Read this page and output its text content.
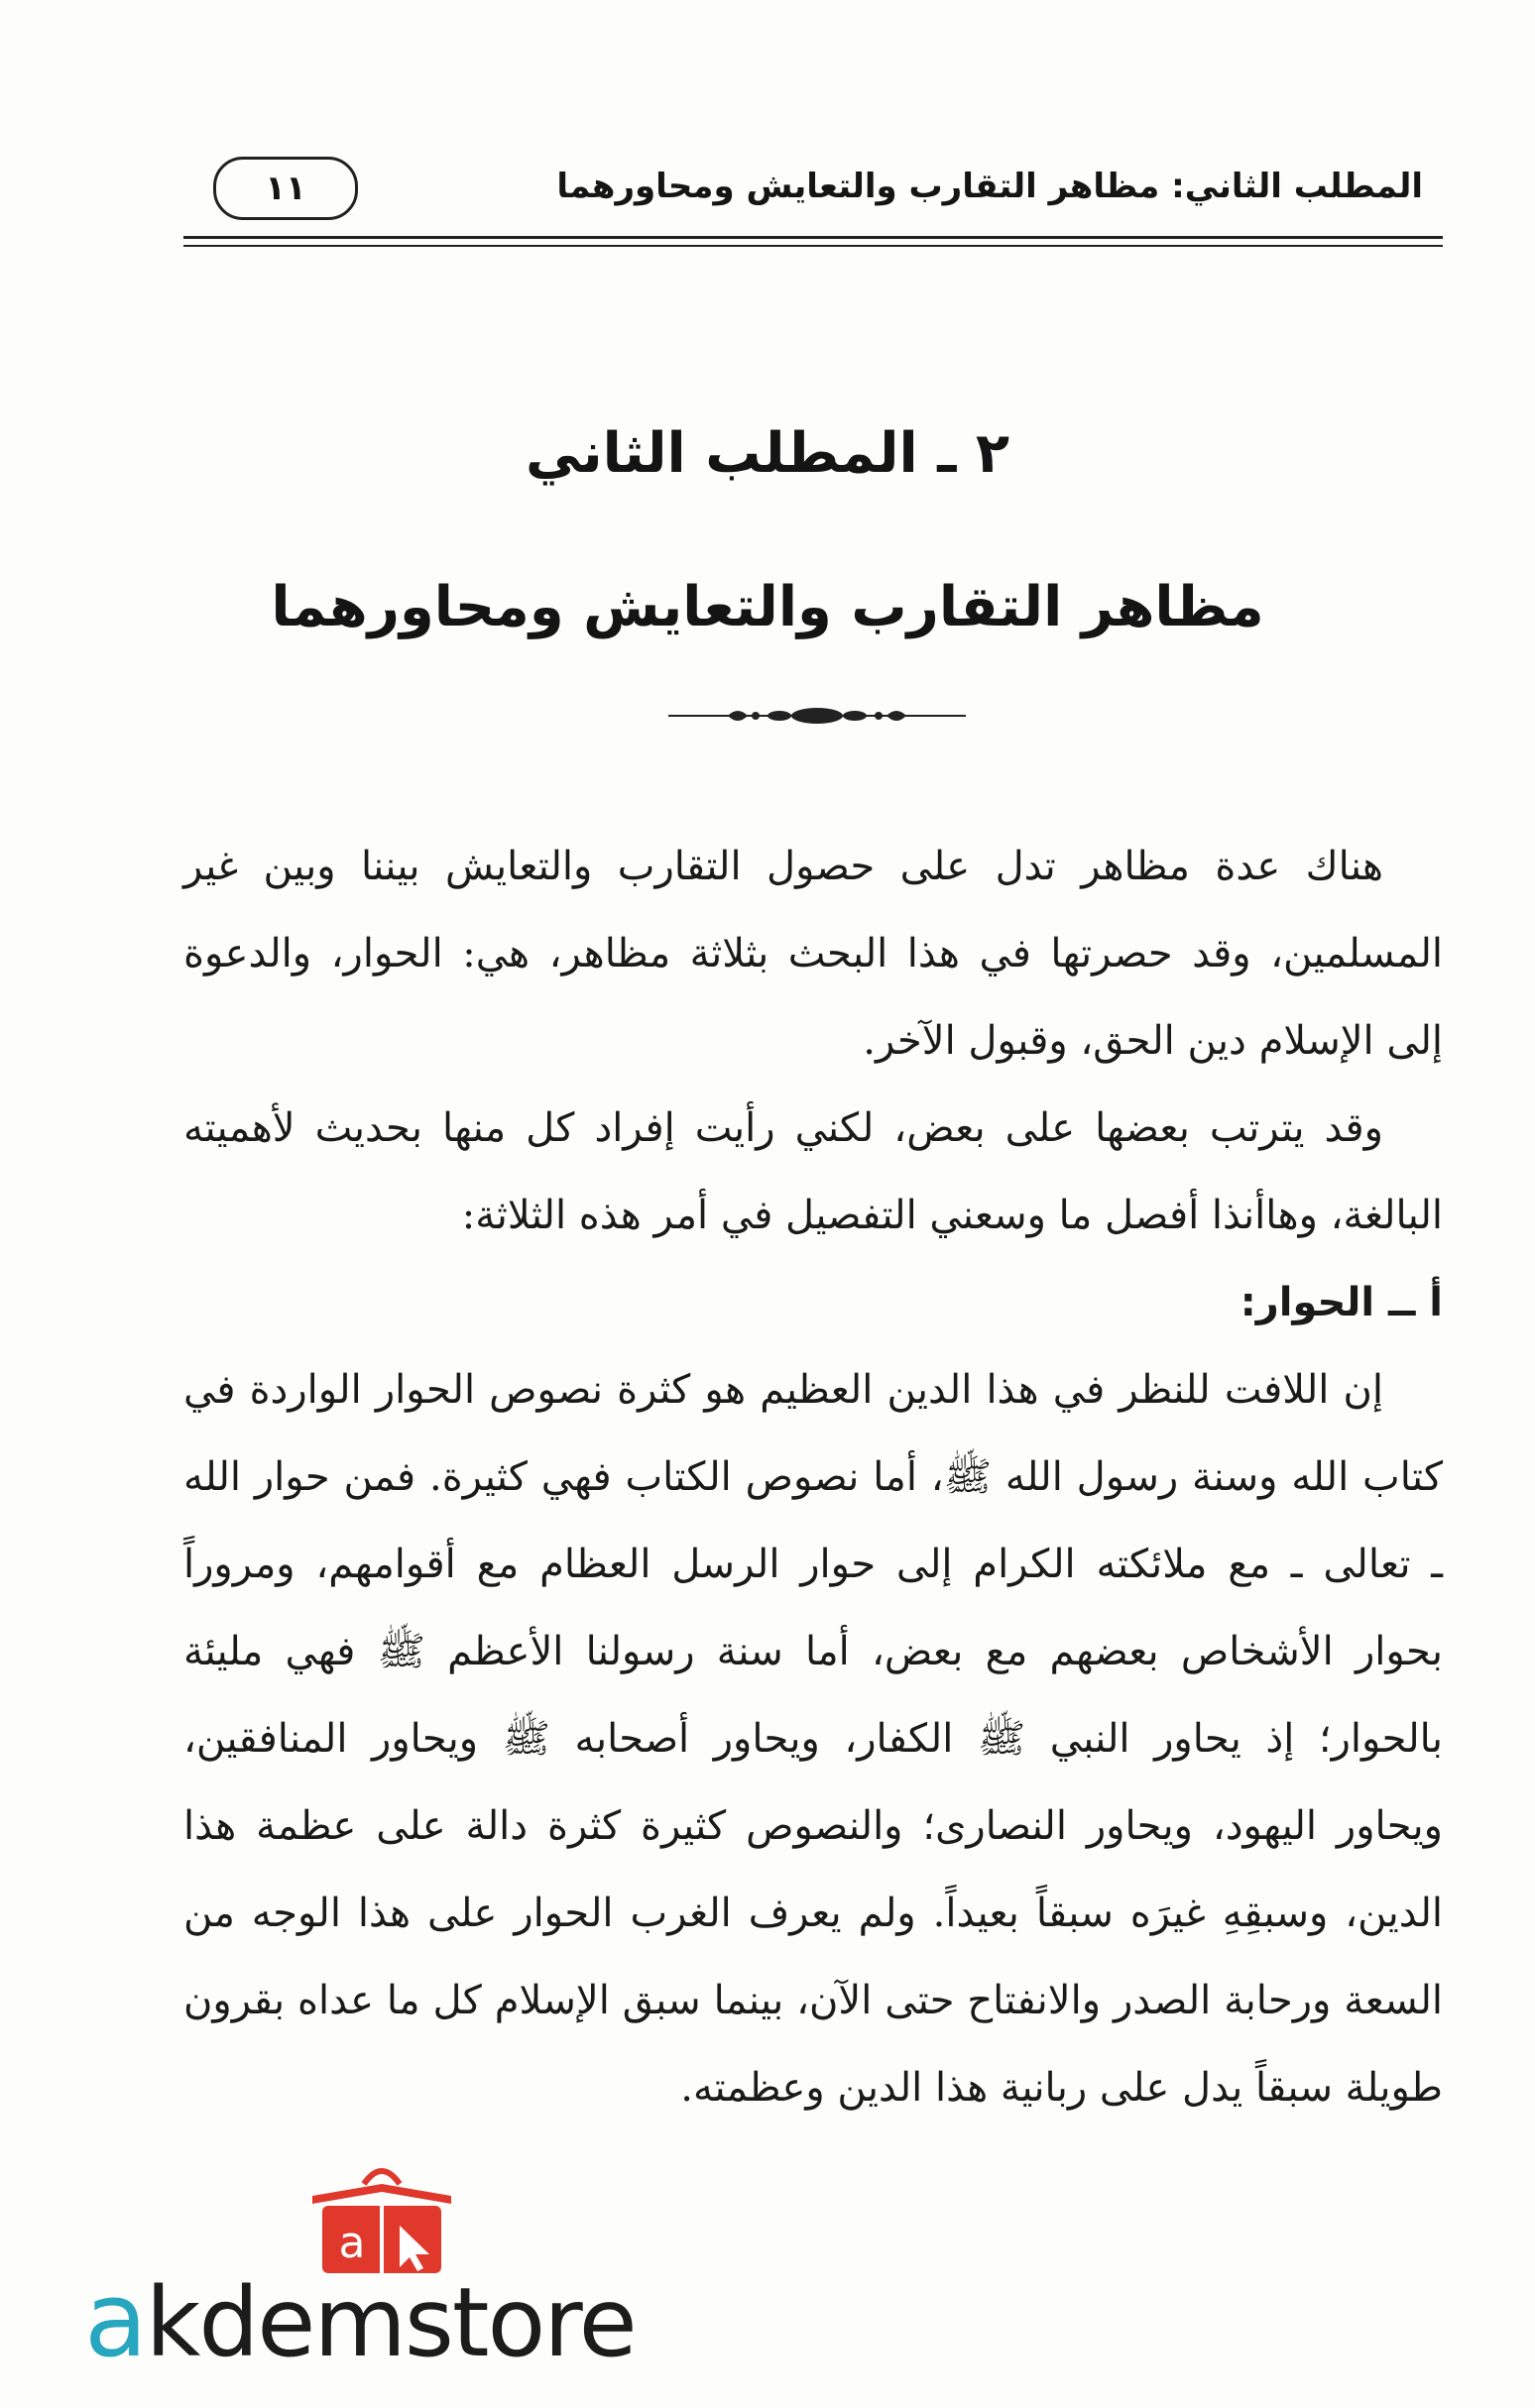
المطلب الثاني: مظاهر التقارب والتعايش ومحاورهما
١١
٢ ـ المطلب الثاني
مظاهر التقارب والتعايش ومحاورهما

هناك عدة مظاهر تدل على حصول التقارب والتعايش بيننا وبين غير المسلمين، وقد حصرتها في هذا البحث بثلاثة مظاهر، هي: الحوار، والدعوة إلى الإسلام دين الحق، وقبول الآخر.

وقد يترتب بعضها على بعض، لكني رأيت إفراد كل منها بحديث لأهميته البالغة، وهاأنذا أفصل ما وسعني التفصيل في أمر هذه الثلاثة:

أ ــ الحوار:

إن اللافت للنظر في هذا الدين العظيم هو كثرة نصوص الحوار الواردة في كتاب الله وسنة رسول الله ﷺ، أما نصوص الكتاب فهي كثيرة. فمن حوار الله ـ تعالى ـ مع ملائكته الكرام إلى حوار الرسل العظام مع أقوامهم، ومروراً بحوار الأشخاص بعضهم مع بعض، أما سنة رسولنا الأعظم ﷺ فهي مليئة بالحوار؛ إذ يحاور النبي ﷺ الكفار، ويحاور أصحابه ﷺ ويحاور المنافقين، ويحاور اليهود، ويحاور النصارى؛ والنصوص كثيرة كثرة دالة على عظمة هذا الدين، وسبقِهِ غيرَه سبقاً بعيداً. ولم يعرف الغرب الحوار على هذا الوجه من السعة ورحابة الصدر والانفتاح حتى الآن، بينما سبق الإسلام كل ما عداه بقرون طويلة سبقاً يدل على ربانية هذا الدين وعظمته.

a
akdemstore
